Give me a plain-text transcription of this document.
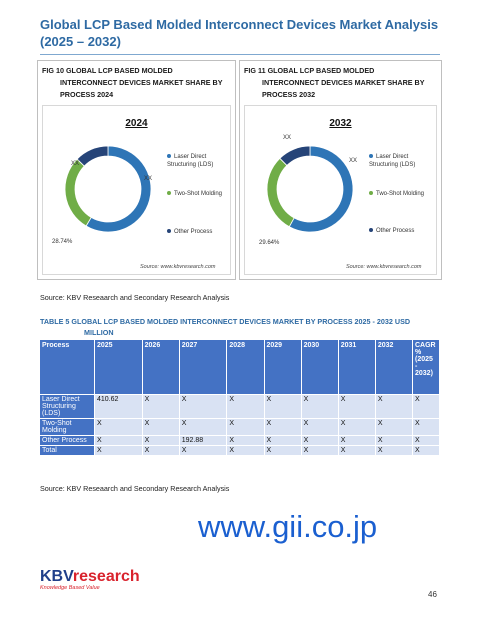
Global LCP Based Molded Interconnect Devices Market Analysis (2025 – 2032)
FIG 10 GLOBAL LCP BASED MOLDED
INTERCONNECT DEVICES MARKET SHARE BY
PROCESS 2024
2024
XX
XX
28.74%
Laser Direct Structuring (LDS)
Two-Shot Molding
Other Process
Source: www.kbvresearch.com
FIG 11 GLOBAL LCP BASED MOLDED
INTERCONNECT DEVICES MARKET SHARE BY
PROCESS 2032
2032
XX
XX
29.64%
Laser Direct Structuring (LDS)
Two-Shot Molding
Other Process
Source: www.kbvresearch.com
Source: KBV Reseaarch and Secondary Research Analysis
TABLE 5 GLOBAL LCP BASED MOLDED INTERCONNECT DEVICES MARKET BY PROCESS 2025 - 2032 USD
MILLION
Process	2025	2026	2027	2028	2029	2030	2031	2032	CAGR % (2025 - 2032)
Laser Direct Structuring (LDS)	410.62	X	X	X	X	X	X	X	X
Two-Shot Molding	X	X	X	X	X	X	X	X	X
Other Process	X	X	192.88	X	X	X	X	X	X
Total	X	X	X	X	X	X	X	X	X
Source: KBV Reseaarch and Secondary Research Analysis
www.gii.co.jp
KBVresearch
Knowledge Based Value
46
